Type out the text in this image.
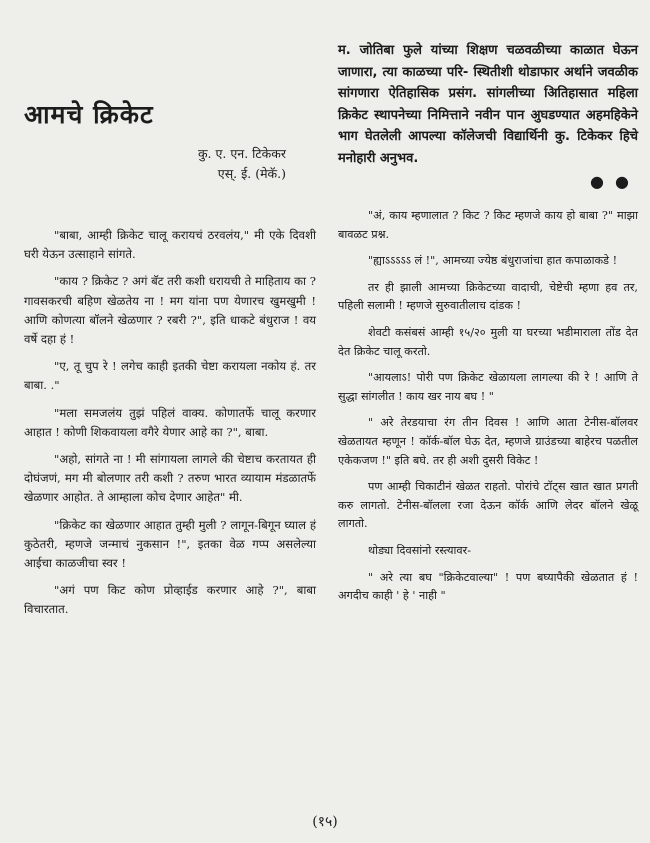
आमचे क्रिकेट
कु. ए. एन. टिकेकर
एस्. ई. (मेकॅ.)

"बाबा, आम्ही क्रिकेट चालू करायचं ठरवलंय," मी एके दिवशी घरी येऊन उत्साहाने सांगते.

"काय ? क्रिकेट ? अगं बॅट तरी कशी धरायची ते माहिताय का ? गावसकरची बहिण खेळतेय ना ! मग यांना पण येणारच खुमखुमी ! आणि कोणत्या बॉलने खेळणार ? रबरी ?", इति धाकटे बंधुराज ! वय वर्षे दहा हं !

"ए, तू चुप रे ! लगेच काही इतकी चेष्टा करायला नकोय हं. तर बाबा. ."

"मला समजलंय तुझं पहिलं वाक्य. कोणातर्फे चालू करणार आहात ! कोणी शिकवायला वगैरे येणार आहे का ?", बाबा.

"अहो, सांगते ना ! मी सांगायला लागले की चेष्टाच करतायत ही दोघंजणं, मग मी बोलणार तरी कशी ? तरुण भारत व्यायाम मंडळातर्फे खेळणार आहोत. ते आम्हाला कोच देणार आहेत" मी.

"क्रिकेट का खेळणार आहात तुम्ही मुली ? लागून-बिगून घ्याल हं कुठेतरी, म्हणजे जन्माचं नुकसान !", इतका वेळ गप्प असलेल्या आईचा काळजीचा स्वर !

"अगं पण किट कोण प्रोव्हाईड करणार आहे ?", बाबा विचारतात.

म. जोतिबा फुले यांच्या शिक्षण चळवळीच्या काळात घेऊन जाणारा, त्या काळच्या परि- स्थितीशी थोडाफार अर्थाने जवळीक सांगणारा ऐतिहासिक प्रसंग. सांगलीच्या अितिहासात महिला क्रिकेट स्थापनेच्या निमित्ताने नवीन पान अुघडण्यात अहमहिकेने भाग घेतलेली आपल्या कॉलेजची विद्यार्थिनी कु. टिकेकर हिचे मनोहारी अनुभव.

● ●

"अं, काय म्हणालात ? किट ? किट म्हणजे काय हो बाबा ?" माझा बावळट प्रश्न.

"ह्याऽऽऽऽऽ लं !", आमच्या ज्येष्ठ बंधुराजांचा हात कपाळाकडे !

तर ही झाली आमच्या क्रिकेटच्या वादाची, चेष्टेची म्हणा हव तर, पहिली सलामी ! म्हणजे सुरुवातीलाच दांडक !

शेवटी कसंबसं आम्ही १५/२० मुली या घरच्या भडीमाराला तोंड देत देत क्रिकेट चालू करतो.

"आयलाऽ! पोरी पण क्रिकेट खेळायला लागल्या की रे ! आणि ते सुद्धा सांगलीत ! काय खर नाय बघ ! "

" अरे तेरडयाचा रंग तीन दिवस ! आणि आता टेनीस-बॉलवर खेळतायत म्हणून ! कॉर्क-बॉल घेऊ देत, म्हणजे ग्राउंडच्या बाहेरच पळतील एकेकजण !" इति बघे. तर ही अशी दुसरी विकेट !

पण आम्ही चिकाटीनं खेळत राहतो. पोरांचे टॉट्स खात खात प्रगती करु लागतो. टेनीस-बॉलला रजा देऊन कॉर्क आणि लेदर बॉलने खेळू लागतो.

थोड्या दिवसांनो रस्त्यावर-

" अरे त्या बघ "क्रिकेटवाल्या" ! पण बघ्यापैकी खेळतात हं ! अगदीच काही ' हे ' नाही "

(१५)
